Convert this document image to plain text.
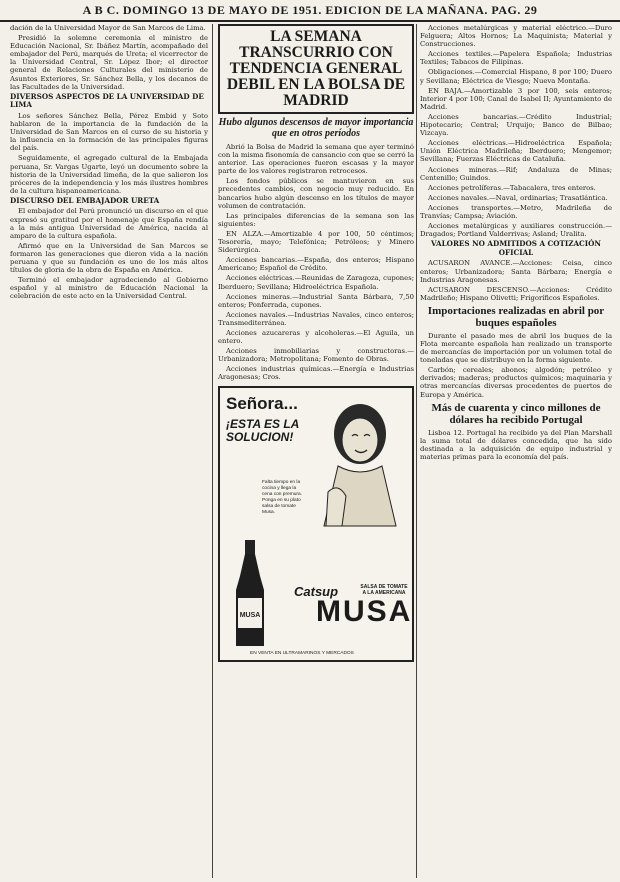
A B C. DOMINGO 13 DE MAYO DE 1951. EDICION DE LA MAÑANA. PAG. 29

dación de la Universidad Mayor de San Marcos de Lima.

Presidió la solemne ceremonia el ministro de Educación Nacional, Sr. Ibáñez Martín, acompañado del embajador del Perú, marqués de Ureta; el vicerrector de la Universidad Central, Sr. López Ibor; el director general de Relaciones Culturales del ministerio de Asuntos Exteriores, Sr. Sánchez Bella, y los decanos de las Facultades de la Universidad.

DIVERSOS ASPECTOS DE LA UNIVERSIDAD DE LIMA

Los señores Sánchez Bella, Pérez Embid y Soto hablaron de la importancia de la fundación de la Universidad de San Marcos en el curso de su historia y la influencia en la formación de las principales figuras del país.

Seguidamente, el agregado cultural de la Embajada peruana, Sr. Vargas Ugarte, leyó un documento sobre la historia de la Universidad limeña, de la que salieron los próceres de la independencia y los más ilustres hombres de la cultura hispanoamericana.

DISCURSO DEL EMBAJADOR URETA

El embajador del Perú pronunció un discurso en el que expresó su gratitud por el homenaje que España rendía a la más antigua Universidad de América, nacida al amparo de la cultura española.

Afirmó que en la Universidad de San Marcos se formaron las generaciones que dieron vida a la nación peruana y que su fundación es uno de los más altos títulos de gloria de la obra de España en América.

Terminó el embajador agradeciendo al Gobierno español y al ministro de Educación Nacional la celebración de este acto en la Universidad Central.

LA SEMANA TRANSCURRIO CON TENDENCIA GENERAL DEBIL EN LA BOLSA DE MADRID
Hubo algunos descensos de mayor importancia que en otros períodos

Abrió la Bolsa de Madrid la semana que ayer terminó con la misma fisonomía de cansancio con que se cerró la anterior. Las operaciones fueron escasas y la mayor parte de los valores registraron retrocesos.

Los fondos públicos se mantuvieron en sus precedentes cambios, con negocio muy reducido. En bancarios hubo algún descenso en los títulos de mayor volumen de contratación.

Las principales diferencias de la semana son las siguientes:

EN ALZA.—Amortizable 4 por 100, 50 céntimos; Tesorería, mayo; Telefónica; Petróleos; y Minero Siderúrgica.

Acciones bancarias.—España, dos enteros; Hispano Americano; Español de Crédito.

Acciones eléctricas.—Reunidas de Zaragoza, cupones; Iberduero; Sevillana; Hidroeléctrica Española.

Acciones mineras.—Industrial Santa Bárbara, 7,50 enteros; Ponferrada, cupones.

Acciones navales.—Industrias Navales, cinco enteros; Transmediterránea.

Acciones azucareras y alcoholeras.—El Aguila, un entero.

Acciones inmobiliarias y constructoras.—Urbanizadora; Metropolitana; Fomento de Obras.

Acciones industrias químicas.—Energía e Industrias Aragonesas; Cros.

Señora...
¡ESTA ES LA SOLUCION!
Falta tiempo en la cocina y llega la cena con premura. Ponga en su plato salsa de tomate Musa.
MUSA
Catsup
MUSA
SALSA DE TOMATE A LA AMERICANA
EN VENTA EN ULTRAMARINOS Y MERCADOS

Acciones metalúrgicas y material eléctrico.—Duro Felguera; Altos Hornos; La Maquinista; Material y Construcciones.

Acciones textiles.—Papelera Española; Industrias Textiles; Tabacos de Filipinas.

Obligaciones.—Comercial Hispano, 8 por 100; Duero y Sevillana; Eléctrica de Viesgo; Nueva Montaña.

EN BAJA.—Amortizable 3 por 100, seis enteros; Interior 4 por 100; Canal de Isabel II; Ayuntamiento de Madrid.

Acciones bancarias.—Crédito Industrial; Hipotecario; Central; Urquijo; Banco de Bilbao; Vizcaya.

Acciones eléctricas.—Hidroeléctrica Española; Unión Eléctrica Madrileña; Iberduero; Mengemor; Sevillana; Fuerzas Eléctricas de Cataluña.

Acciones mineras.—Rif; Andaluza de Minas; Centenillo; Guindos.

Acciones petrolíferas.—Tabacalera, tres enteros.

Acciones navales.—Naval, ordinarias; Trasatlántica.

Acciones transportes.—Metro, Madrileña de Tranvías; Campsa; Aviación.

Acciones metalúrgicas y auxiliares construcción.—Dragados; Portland Valderrivas; Asland; Uralita.

VALORES NO ADMITIDOS A COTIZACIÓN OFICIAL

ACUSARON AVANCE.—Acciones: Ceisa, cinco enteros; Urbanizadora; Santa Bárbara; Energía e Industrias Aragonesas.

ACUSARON DESCENSO.—Acciones: Crédito Madrileño; Hispano Olivetti; Frigoríficos Españoles.

Importaciones realizadas en abril por buques españoles

Durante el pasado mes de abril los buques de la Flota mercante española han realizado un transporte de mercancías de importación por un volumen total de toneladas que se distribuye en la forma siguiente.

Carbón; cereales; abonos; algodón; petróleo y derivados; maderas; productos químicos; maquinaria y otras mercancías diversas procedentes de puertos de Europa y América.

Más de cuarenta y cinco millones de dólares ha recibido Portugal

Lisboa 12. Portugal ha recibido ya del Plan Marshall la suma total de dólares concedida, que ha sido destinada a la adquisición de equipo industrial y materias primas para la economía del país.
